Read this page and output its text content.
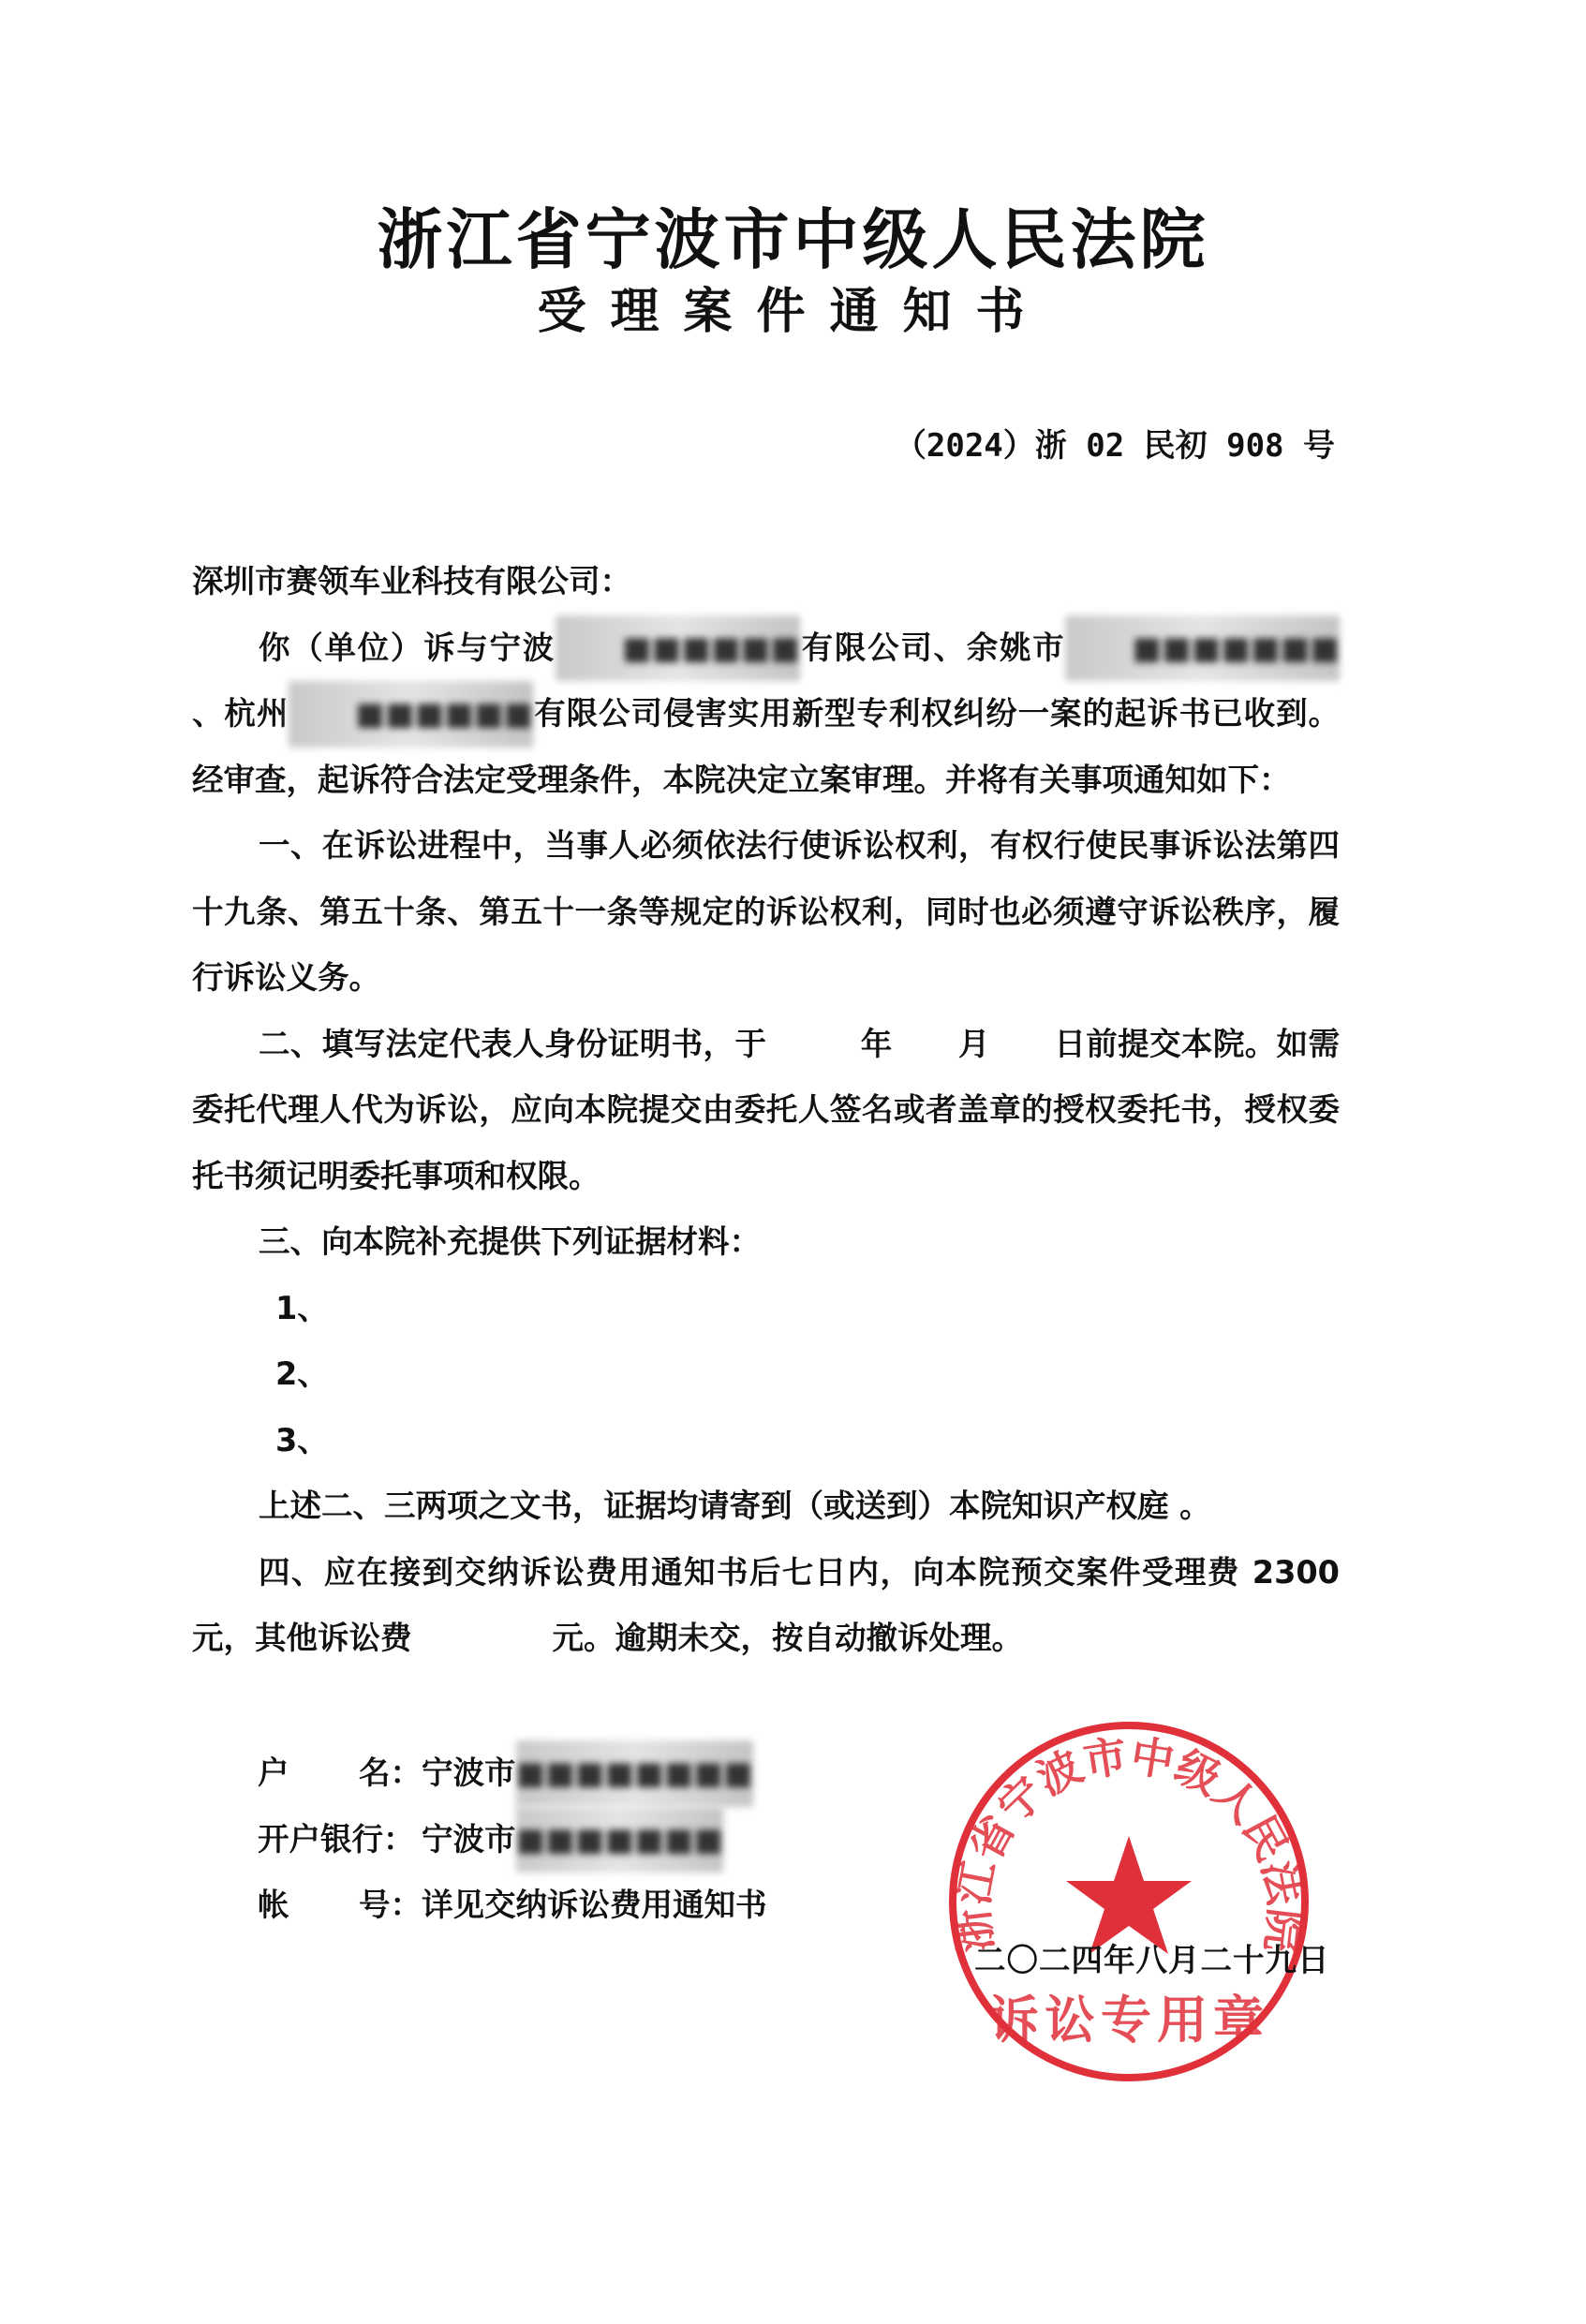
浙江省宁波市中级人民法院
受理案件通知书
（2024）浙 02 民初 908 号

深圳市赛领车业科技有限公司：

你（单位）诉与宁波 ■■■■■■有限公司、余姚市 ■■■■■■■、杭州 ■■■■■■有限公司侵害实用新型专利权纠纷一案的起诉书已收到。经审查，起诉符合法定受理条件，本院决定立案审理。并将有关事项通知如下：

一、在诉讼进程中，当事人必须依法行使诉讼权利，有权行使民事诉讼法第四十九条、第五十条、第五十一条等规定的诉讼权利，同时也必须遵守诉讼秩序，履行诉讼义务。

二、填写法定代表人身份证明书，于	年 月 日前提交本院。如需委托代理人代为诉讼，应向本院提交由委托人签名或者盖章的授权委托书，授权委托书须记明委托事项和权限。

三、向本院补充提供下列证据材料：

1、

2、

3、

上述二、三两项之文书，证据均请寄到（或送到）本院知识产权庭 。

四、应在接到交纳诉讼费用通知书后七日内，向本院预交案件受理费 2300 元，其他诉讼费	元。逾期未交，按自动撤诉处理。

户 名： 宁波市■■■■■■■■
开户银行： 宁波市■■■■■■■
帐 号： 详见交纳诉讼费用通知书
浙江省宁波市中级人民法院
诉讼专用章
二〇二四年八月二十九日
